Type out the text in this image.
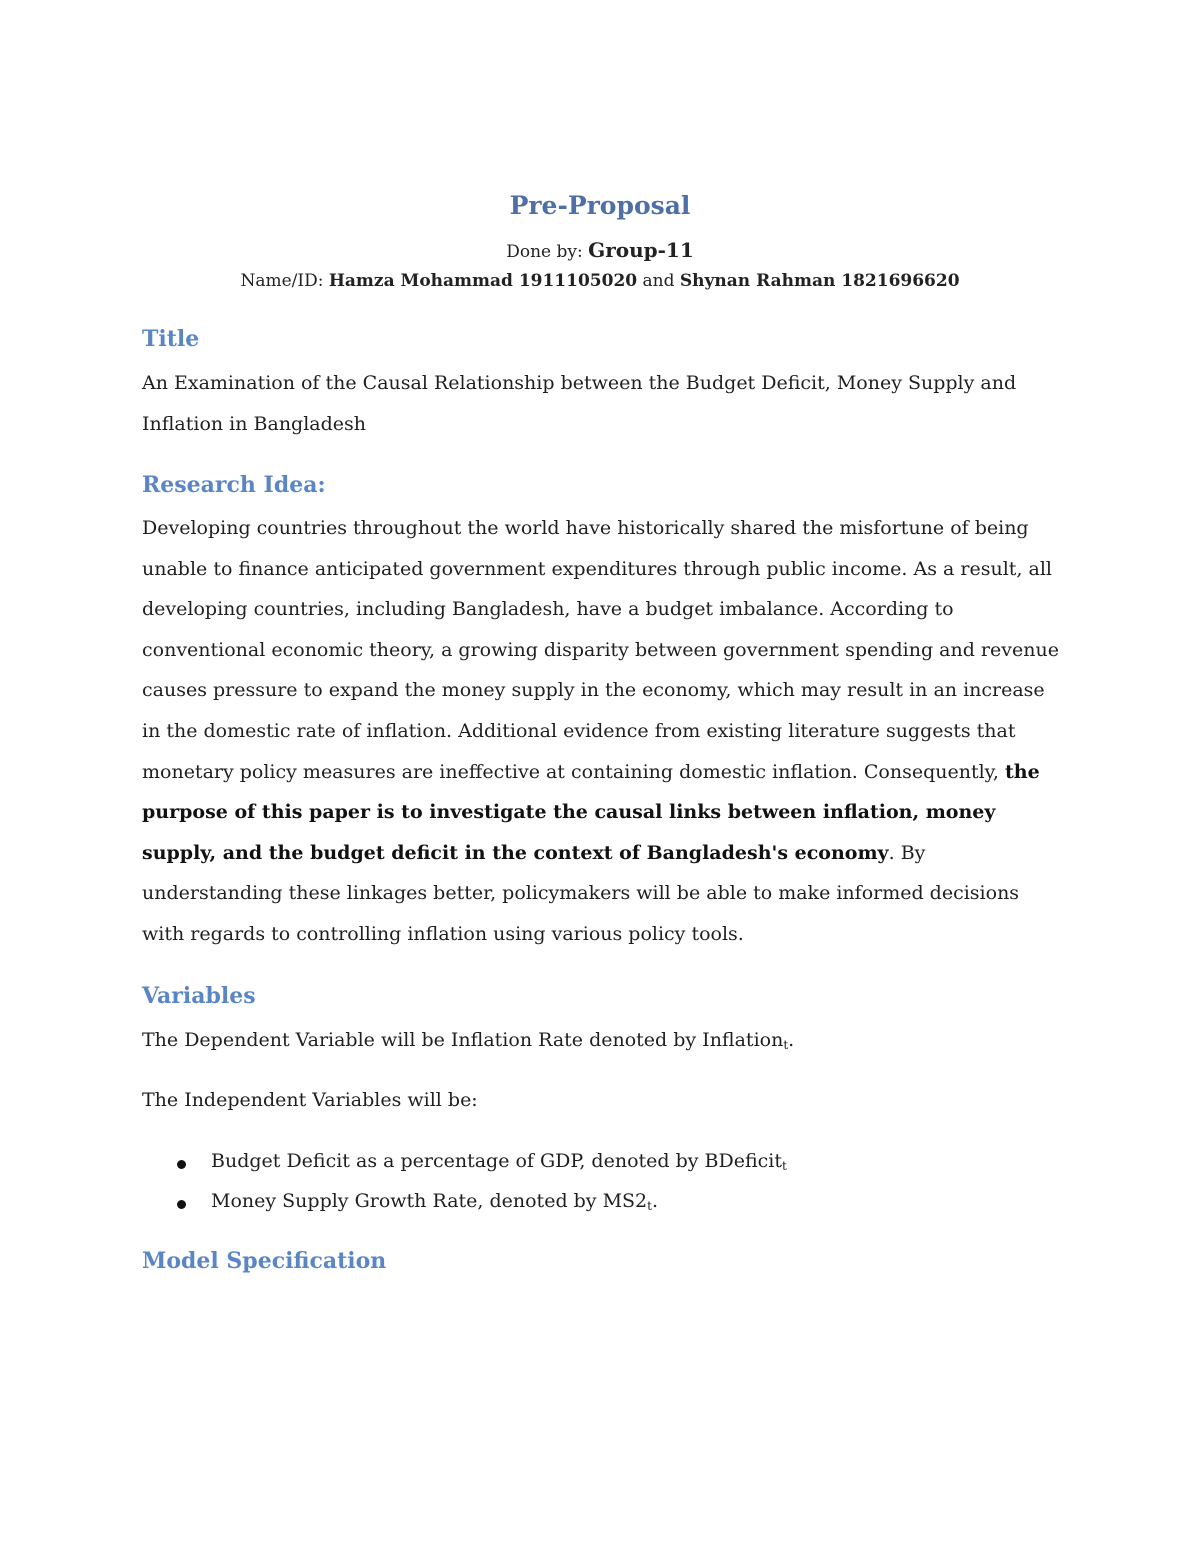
Pre-Proposal

Done by: Group-11

Name/ID: Hamza Mohammad 1911105020 and Shynan Rahman 1821696620

Title

An Examination of the Causal Relationship between the Budget Deficit, Money Supply and Inflation in Bangladesh

Research Idea:

Developing countries throughout the world have historically shared the misfortune of being unable to finance anticipated government expenditures through public income. As a result, all developing countries, including Bangladesh, have a budget imbalance. According to conventional economic theory, a growing disparity between government spending and revenue causes pressure to expand the money supply in the economy, which may result in an increase in the domestic rate of inflation. Additional evidence from existing literature suggests that monetary policy measures are ineffective at containing domestic inflation. Consequently, the purpose of this paper is to investigate the causal links between inflation, money supply, and the budget deficit in the context of Bangladesh's economy. By understanding these linkages better, policymakers will be able to make informed decisions with regards to controlling inflation using various policy tools.

Variables

The Dependent Variable will be Inflation Rate denoted by Inflation$_t$.

The Independent Variables will be:

Budget Deficit as a percentage of GDP, denoted by BDeficit$_t$
Money Supply Growth Rate, denoted by $MS2_t$.
Model Specification
